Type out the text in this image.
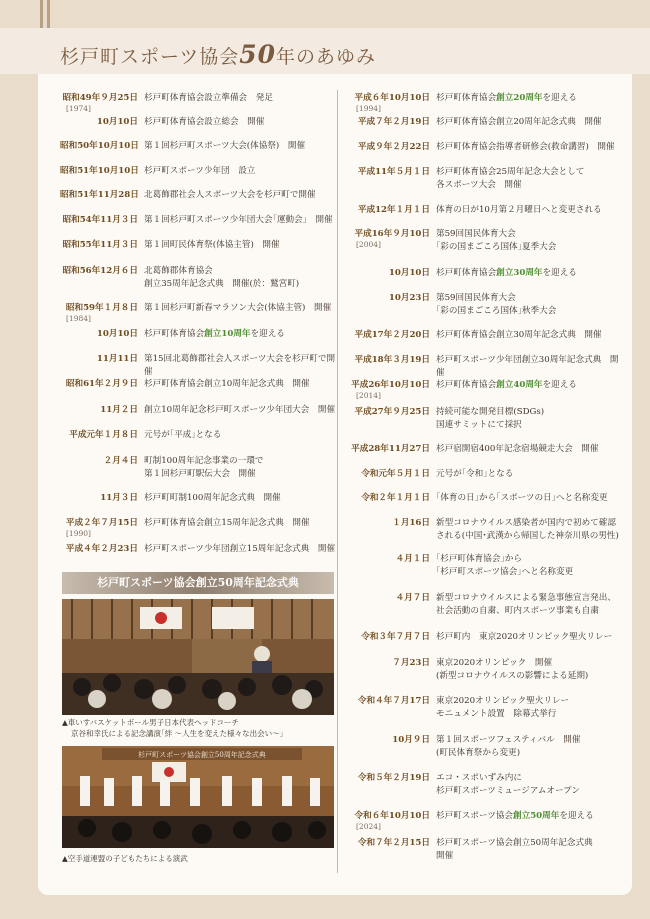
杉戸町スポーツ協会50年のあゆみ
昭和49年９月25日 杉戸町体育協会設立準備会　発足
[1974]
10月10日 杉戸町体育協会設立総会　開催
昭和50年10月10日 第１回杉戸町スポーツ大会(体協祭)　開催
昭和51年10月10日 杉戸町スポーツ少年団　設立
昭和51年11月28日 北葛飾郡社会人スポーツ大会を杉戸町で開催
昭和54年11月３日 第１回杉戸町スポーツ少年団大会｢運動会｣　開催
昭和55年11月３日 第１回町民体育祭(体協主管)　開催
昭和56年12月６日 北葛飾郡体育協会
創立35周年記念式典　開催(於：鷲宮町)
昭和59年１月８日 第１回杉戸町新春マラソン大会(体協主管)　開催
[1984]
10月10日 杉戸町体育協会創立10周年を迎える
11月11日 第15回北葛飾郡社会人スポーツ大会を杉戸町で開催
昭和61年２月９日 杉戸町体育協会創立10周年記念式典　開催
11月２日 創立10周年記念杉戸町スポーツ少年団大会　開催
平成元年１月８日 元号が｢平成｣となる
２月４日 町制100周年記念事業の一環で
第１回杉戸町駅伝大会　開催
11月３日 杉戸町町制100周年記念式典　開催
平成２年７月15日 杉戸町体育協会創立15周年記念式典　開催
[1990]
平成４年２月23日 杉戸町スポーツ少年団創立15周年記念式典　開催
平成６年10月10日 杉戸町体育協会創立20周年を迎える
[1994]
平成７年２月19日 杉戸町体育協会創立20周年記念式典　開催
平成９年２月22日 杉戸町体育協会指導者研修会(救命講習)　開催
平成11年５月１日 杉戸町体育協会25周年記念大会として
各スポーツ大会　開催
平成12年１月１日 体育の日が10月第２月曜日へと変更される
平成16年９月10日 第59回国民体育大会
｢彩の国まごころ国体｣夏季大会
[2004]
10月10日 杉戸町体育協会創立30周年を迎える
10月23日 第59回国民体育大会
｢彩の国まごころ国体｣秋季大会
平成17年２月20日 杉戸町体育協会創立30周年記念式典　開催
平成18年３月19日 杉戸町スポーツ少年団創立30周年記念式典　開催
平成26年10月10日 杉戸町体育協会創立40周年を迎える
[2014]
平成27年９月25日 持続可能な開発目標(SDGs)
国連サミットにて採択
平成28年11月27日 杉戸宿開宿400年記念宿場競走大会　開催
令和元年５月１日 元号が｢令和｣となる
令和２年１月１日 ｢体育の日｣から｢スポーツの日｣へと名称変更
１月16日 新型コロナウイルス感染者が国内で初めて確認
される(中国･武漢から帰国した神奈川県の男性)
４月１日 ｢杉戸町体育協会｣から
｢杉戸町スポーツ協会｣へと名称変更
４月７日 新型コロナウイルスによる緊急事態宣言発出、
社会活動の自粛、町内スポーツ事業も自粛
令和３年７月７日 杉戸町内　東京2020オリンピック聖火リレー
７月23日 東京2020オリンピック　開催
(新型コロナウイルスの影響による延期)
令和４年７月17日 東京2020オリンピック聖火リレー
モニュメント設置　除幕式挙行
10月９日 第１回スポーツフェスティバル　開催
(町民体育祭から変更)
令和５年２月19日 エコ・スポいずみ内に
杉戸町スポーツミュージアムオープン
令和６年10月10日 杉戸町スポーツ協会創立50周年を迎える
[2024]
令和７年２月15日 杉戸町スポーツ協会創立50周年記念式典
開催
杉戸町スポーツ協会創立50周年記念式典
▲車いすバスケットボール男子日本代表ヘッドコーチ
京谷和幸氏による記念講演｢絆 ～人生を変えた様々な出会い～｣
杉戸町スポーツ協会創立50周年記念式典
▲空手道連盟の子どもたちによる演武
